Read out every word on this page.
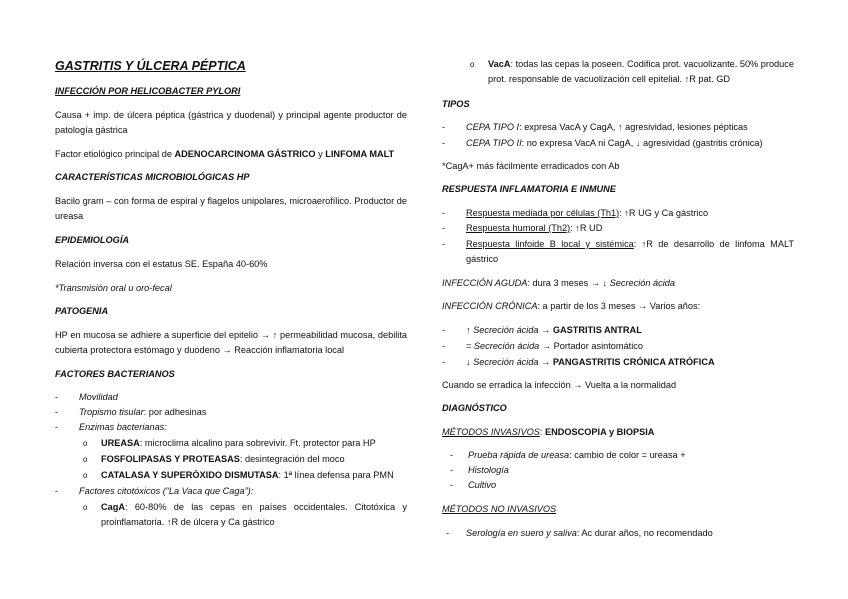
GASTRITIS Y ÚLCERA PÉPTICA
INFECCIÓN POR HELICOBACTER PYLORI
Causa + imp. de úlcera péptica (gástrica y duodenal) y principal agente productor de patología gástrica
Factor etiológico principal de ADENOCARCINOMA GÁSTRICO y LINFOMA MALT
CARACTERÍSTICAS MICROBIOLÓGICAS HP
Bacilo gram – con forma de espiral y flagelos unipolares, microaerofílico. Productor de ureasa
EPIDEMIOLOGÍA
Relación inversa con el estatus SE. España 40-60%
*Transmisión oral u oro-fecal
PATOGENIA
HP en mucosa se adhiere a superficie del epitelio → ↑ permeabilidad mucosa, debilita cubierta protectora estómago y duodeno → Reacción inflamatoria local
FACTORES BACTERIANOS
- Movilidad
- Tropismo tisular: por adhesinas
- Enzimas bacterianas:
o UREASA: microclima alcalino para sobrevivir. Ft. protector para HP
o FOSFOLIPASAS Y PROTEASAS: desintegración del moco
o CATALASA Y SUPERÓXIDO DISMUTASA: 1ª línea defensa para PMN
- Factores citotóxicos (“La Vaca que Caga”):
o CagA: 60-80% de las cepas en países occidentales. Citotóxica y proinflamatoria. ↑R de úlcera y Ca gástrico
o VacA: todas las cepas la poseen. Codifica prot. vacuolizante. 50% produce prot. responsable de vacuolización cell epitelial. ↑R pat. GD
TIPOS
- CEPA TIPO I: expresa VacA y CagA, ↑ agresividad, lesiones pépticas
- CEPA TIPO II: no expresa VacA ni CagA, ↓ agresividad (gastritis crónica)
*CagA+ más fácilmente erradicados con Ab
RESPUESTA INFLAMATORIA E INMUNE
- Respuesta mediada por células (Th1): ↑R UG y Ca gástrico
- Respuesta humoral (Th2): ↑R UD
- Respuesta linfoide B local y sistémica: ↑R de desarrollo de linfoma MALT gástrico
INFECCIÓN AGUDA: dura 3 meses → ↓ Secreción ácida
INFECCIÓN CRÓNICA: a partir de los 3 meses → Varios años:
- ↑ Secreción ácida → GASTRITIS ANTRAL
- = Secreción ácida → Portador asintomático
- ↓ Secreción ácida → PANGASTRITIS CRÓNICA ATRÓFICA
Cuando se erradica la infección → Vuelta a la normalidad
DIAGNÓSTICO
MÉTODOS INVASIVOS: ENDOSCOPIA y BIOPSIA
- Prueba rápida de ureasa: cambio de color = ureasa +
- Histología
- Cultivo
MÉTODOS NO INVASIVOS
- Serología en suero y saliva: Ac durar años, no recomendado
